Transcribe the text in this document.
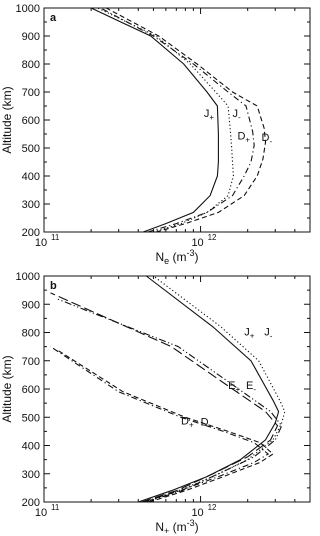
200
300
400
500
600
700
800
900
1000
10 11	10 12
$N_e$ $(m^{-3})$
Altitude (km)
a
$J_+$ $J_-$
$D_+$ $D_-$
200
300
400
500
600
700
800
900
1000
10 11	10 12
$N_+$ $(m^{-3})$
Altitude (km)
b
$J_+$ $J_-$
$E_+$ $E_-$
$D_+$ $D_-$
